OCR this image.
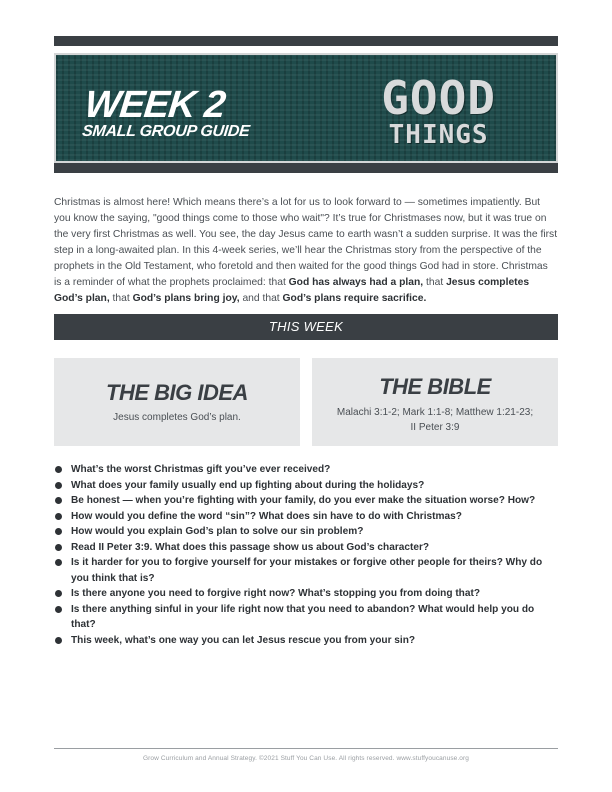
WEEK 2
SMALL GROUP GUIDE
GOOD
THINGS

Christmas is almost here! Which means there’s a lot for us to look forward to — sometimes impatiently. But you know the saying, "good things come to those who wait"? It’s true for Christmases now, but it was true on the very first Christmas as well. You see, the day Jesus came to earth wasn’t a sudden surprise. It was the first step in a long-awaited plan. In this 4-week series, we’ll hear the Christmas story from the perspective of the prophets in the Old Testament, who foretold and then waited for the good things God had in store. Christmas is a reminder of what the prophets proclaimed: that God has always had a plan, that Jesus completes God’s plan, that God’s plans bring joy, and that God’s plans require sacrifice.

THIS WEEK
THE BIG IDEA

Jesus completes God’s plan.

THE BIBLE

Malachi 3:1-2; Mark 1:1-8; Matthew 1:21-23;
II Peter 3:9

What’s the worst Christmas gift you’ve ever received?
What does your family usually end up fighting about during the holidays?
Be honest — when you’re fighting with your family, do you ever make the situation worse? How?
How would you define the word “sin”? What does sin have to do with Christmas?
How would you explain God’s plan to solve our sin problem?
Read II Peter 3:9. What does this passage show us about God’s character?
Is it harder for you to forgive yourself for your mistakes or forgive other people for theirs? Why do you think that is?
Is there anyone you need to forgive right now? What’s stopping you from doing that?
Is there anything sinful in your life right now that you need to abandon? What would help you do that?
This week, what’s one way you can let Jesus rescue you from your sin?
Grow Curriculum and Annual Strategy. ©2021 Stuff You Can Use. All rights reserved. www.stuffyoucanuse.org
